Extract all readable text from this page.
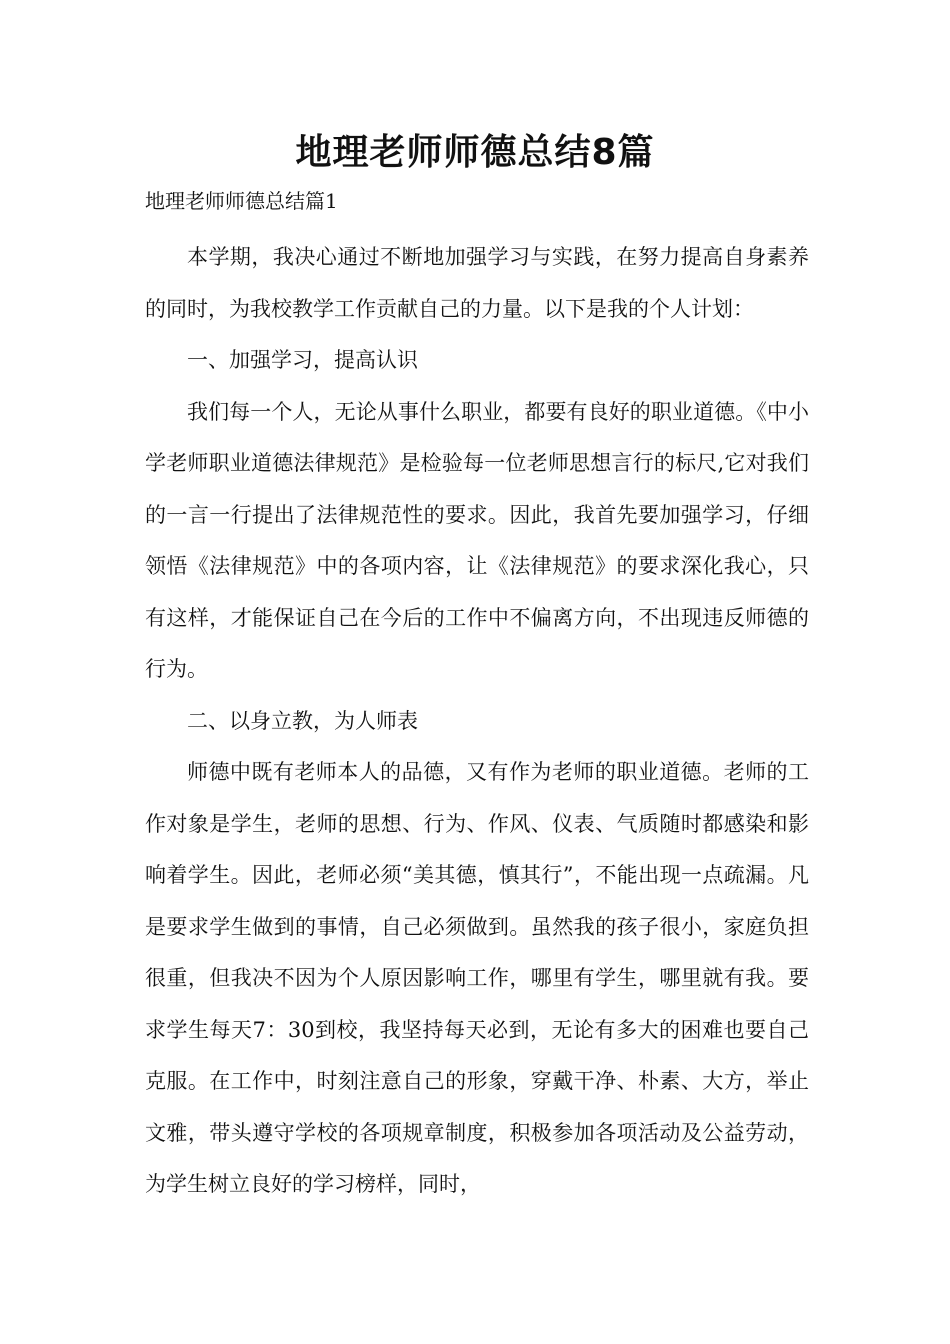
地理老师师德总结8篇
地理老师师德总结篇1

本学期，我决心通过不断地加强学习与实践，在努力提高自身素养的同时，为我校教学工作贡献自己的力量。以下是我的个人计划：

一、加强学习，提高认识

我们每一个人，无论从事什么职业，都要有良好的职业道德。《中小学老师职业道德法律规范》是检验每一位老师思想言行的标尺,它对我们的一言一行提出了法律规范性的要求。因此，我首先要加强学习，仔细领悟《法律规范》中的各项内容，让《法律规范》的要求深化我心，只有这样，才能保证自己在今后的工作中不偏离方向，不出现违反师德的行为。

二、以身立教，为人师表

师德中既有老师本人的品德，又有作为老师的职业道德。老师的工作对象是学生，老师的思想、行为、作风、仪表、气质随时都感染和影响着学生。因此，老师必须“美其德，慎其行”，不能出现一点疏漏。凡是要求学生做到的事情，自己必须做到。虽然我的孩子很小，家庭负担很重，但我决不因为个人原因影响工作，哪里有学生，哪里就有我。要求学生每天7：30到校，我坚持每天必到，无论有多大的困难也要自己克服。在工作中，时刻注意自己的形象，穿戴干净、朴素、大方，举止文雅，带头遵守学校的各项规章制度，积极参加各项活动及公益劳动，为学生树立良好的学习榜样，同时，
